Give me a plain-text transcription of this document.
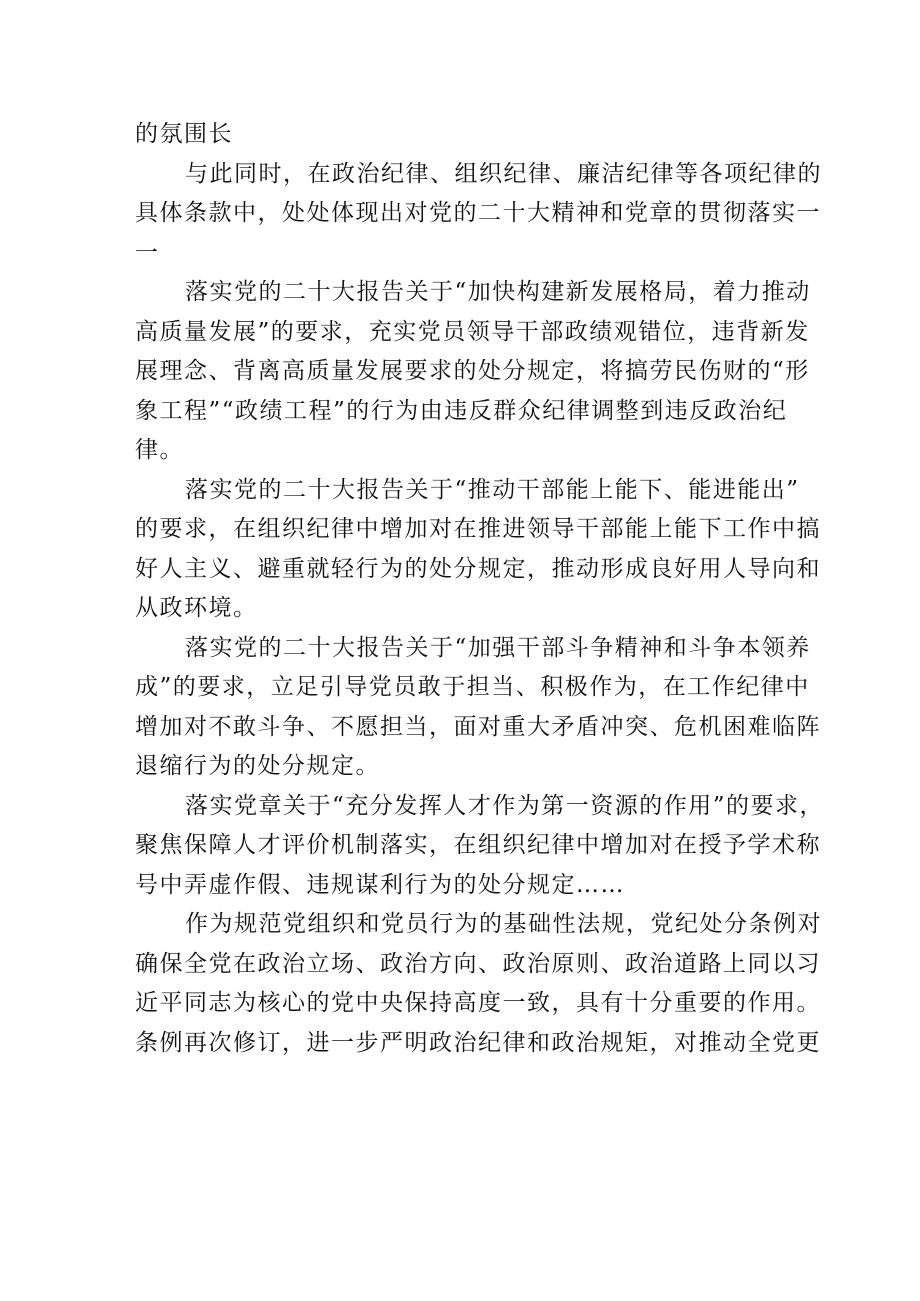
的氛围长
与此同时，在政治纪律、组织纪律、廉洁纪律等各项纪律的
具体条款中，处处体现出对党的二十大精神和党章的贯彻落实一
一
落实党的二十大报告关于“加快构建新发展格局，着力推动
高质量发展”的要求，充实党员领导干部政绩观错位，违背新发
展理念、背离高质量发展要求的处分规定，将搞劳民伤财的“形
象工程”“政绩工程”的行为由违反群众纪律调整到违反政治纪
律。
落实党的二十大报告关于“推动干部能上能下、能进能出”
的要求，在组织纪律中增加对在推进领导干部能上能下工作中搞
好人主义、避重就轻行为的处分规定，推动形成良好用人导向和
从政环境。
落实党的二十大报告关于“加强干部斗争精神和斗争本领养
成”的要求，立足引导党员敢于担当、积极作为，在工作纪律中
增加对不敢斗争、不愿担当，面对重大矛盾冲突、危机困难临阵
退缩行为的处分规定。
落实党章关于“充分发挥人才作为第一资源的作用”的要求，
聚焦保障人才评价机制落实，在组织纪律中增加对在授予学术称
号中弄虚作假、违规谋利行为的处分规定……
作为规范党组织和党员行为的基础性法规，党纪处分条例对
确保全党在政治立场、政治方向、政治原则、政治道路上同以习
近平同志为核心的党中央保持高度一致，具有十分重要的作用。
条例再次修订，进一步严明政治纪律和政治规矩，对推动全党更
